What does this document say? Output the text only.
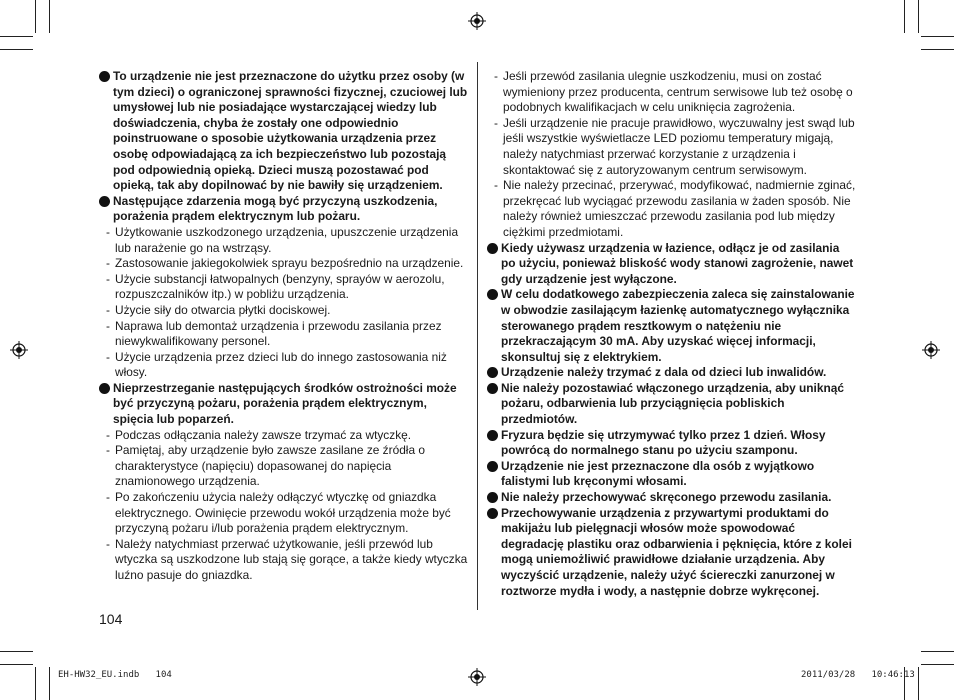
To urządzenie nie jest przeznaczone do użytku przez osoby (w tym dzieci) o ograniczonej sprawności fizycznej, czuciowej lub umysłowej lub nie posiadające wystarczającej wiedzy lub doświadczenia, chyba że zostały one odpowiednio poinstruowane o sposobie użytkowania urządzenia przez osobę odpowiadającą za ich bezpieczeństwo lub pozostają pod odpowiednią opieką. Dzieci muszą pozostawać pod opieką, tak aby dopilnować by nie bawiły się urządzeniem.

Następujące zdarzenia mogą być przyczyną uszkodzenia, porażenia prądem elektrycznym lub pożaru.

- Użytkowanie uszkodzonego urządzenia, upuszczenie urządzenia lub narażenie go na wstrząsy.

- Zastosowanie jakiegokolwiek sprayu bezpośrednio na urządzenie.

- Użycie substancji łatwopalnych (benzyny, sprayów w aerozolu, rozpuszczalników itp.) w pobliżu urządzenia.

- Użycie siły do otwarcia płytki dociskowej.

- Naprawa lub demontaż urządzenia i przewodu zasilania przez niewykwalifikowany personel.

- Użycie urządzenia przez dzieci lub do innego zastosowania niż włosy.

Nieprzestrzeganie następujących środków ostrożności może być przyczyną pożaru, porażenia prądem elektrycznym, spięcia lub poparzeń.

- Podczas odłączania należy zawsze trzymać za wtyczkę.

- Pamiętaj, aby urządzenie było zawsze zasilane ze źródła o charakterystyce (napięciu) dopasowanej do napięcia znamionowego urządzenia.

- Po zakończeniu użycia należy odłączyć wtyczkę od gniazdka elektrycznego. Owinięcie przewodu wokół urządzenia może być przyczyną pożaru i/lub porażenia prądem elektrycznym.

- Należy natychmiast przerwać użytkowanie, jeśli przewód lub wtyczka są uszkodzone lub stają się gorące, a także kiedy wtyczka luźno pasuje do gniazdka.

- Jeśli przewód zasilania ulegnie uszkodzeniu, musi on zostać wymieniony przez producenta, centrum serwisowe lub też osobę o podobnych kwalifikacjach w celu uniknięcia zagrożenia.

- Jeśli urządzenie nie pracuje prawidłowo, wyczuwalny jest swąd lub jeśli wszystkie wyświetlacze LED poziomu temperatury migają, należy natychmiast przerwać korzystanie z urządzenia i skontaktować się z autoryzowanym centrum serwisowym.

- Nie należy przecinać, przerywać, modyfikować, nadmiernie zginać, przekręcać lub wyciągać przewodu zasilania w żaden sposób. Nie należy również umieszczać przewodu zasilania pod lub między ciężkimi przedmiotami.

Kiedy używasz urządzenia w łazience, odłącz je od zasilania po użyciu, ponieważ bliskość wody stanowi zagrożenie, nawet gdy urządzenie jest wyłączone.

W celu dodatkowego zabezpieczenia zaleca się zainstalowanie w obwodzie zasilającym łazienkę automatycznego wyłącznika sterowanego prądem resztkowym o natężeniu nie przekraczającym 30 mA. Aby uzyskać więcej informacji, skonsultuj się z elektrykiem.

Urządzenie należy trzymać z dala od dzieci lub inwalidów.

Nie należy pozostawiać włączonego urządzenia, aby uniknąć pożaru, odbarwienia lub przyciągnięcia pobliskich przedmiotów.

Fryzura będzie się utrzymywać tylko przez 1 dzień. Włosy powrócą do normalnego stanu po użyciu szamponu.

Urządzenie nie jest przeznaczone dla osób z wyjątkowo falistymi lub kręconymi włosami.

Nie należy przechowywać skręconego przewodu zasilania.

Przechowywanie urządzenia z przywartymi produktami do makijażu lub pielęgnacji włosów może spowodować degradację plastiku oraz odbarwienia i pęknięcia, które z kolei mogą uniemożliwić prawidłowe działanie urządzenia. Aby wyczyścić urządzenie, należy użyć ściereczki zanurzonej w roztworze mydła i wody, a następnie dobrze wykręconej.

104
EH-HW32_EU.indb   104	2011/03/28   10:46:13
